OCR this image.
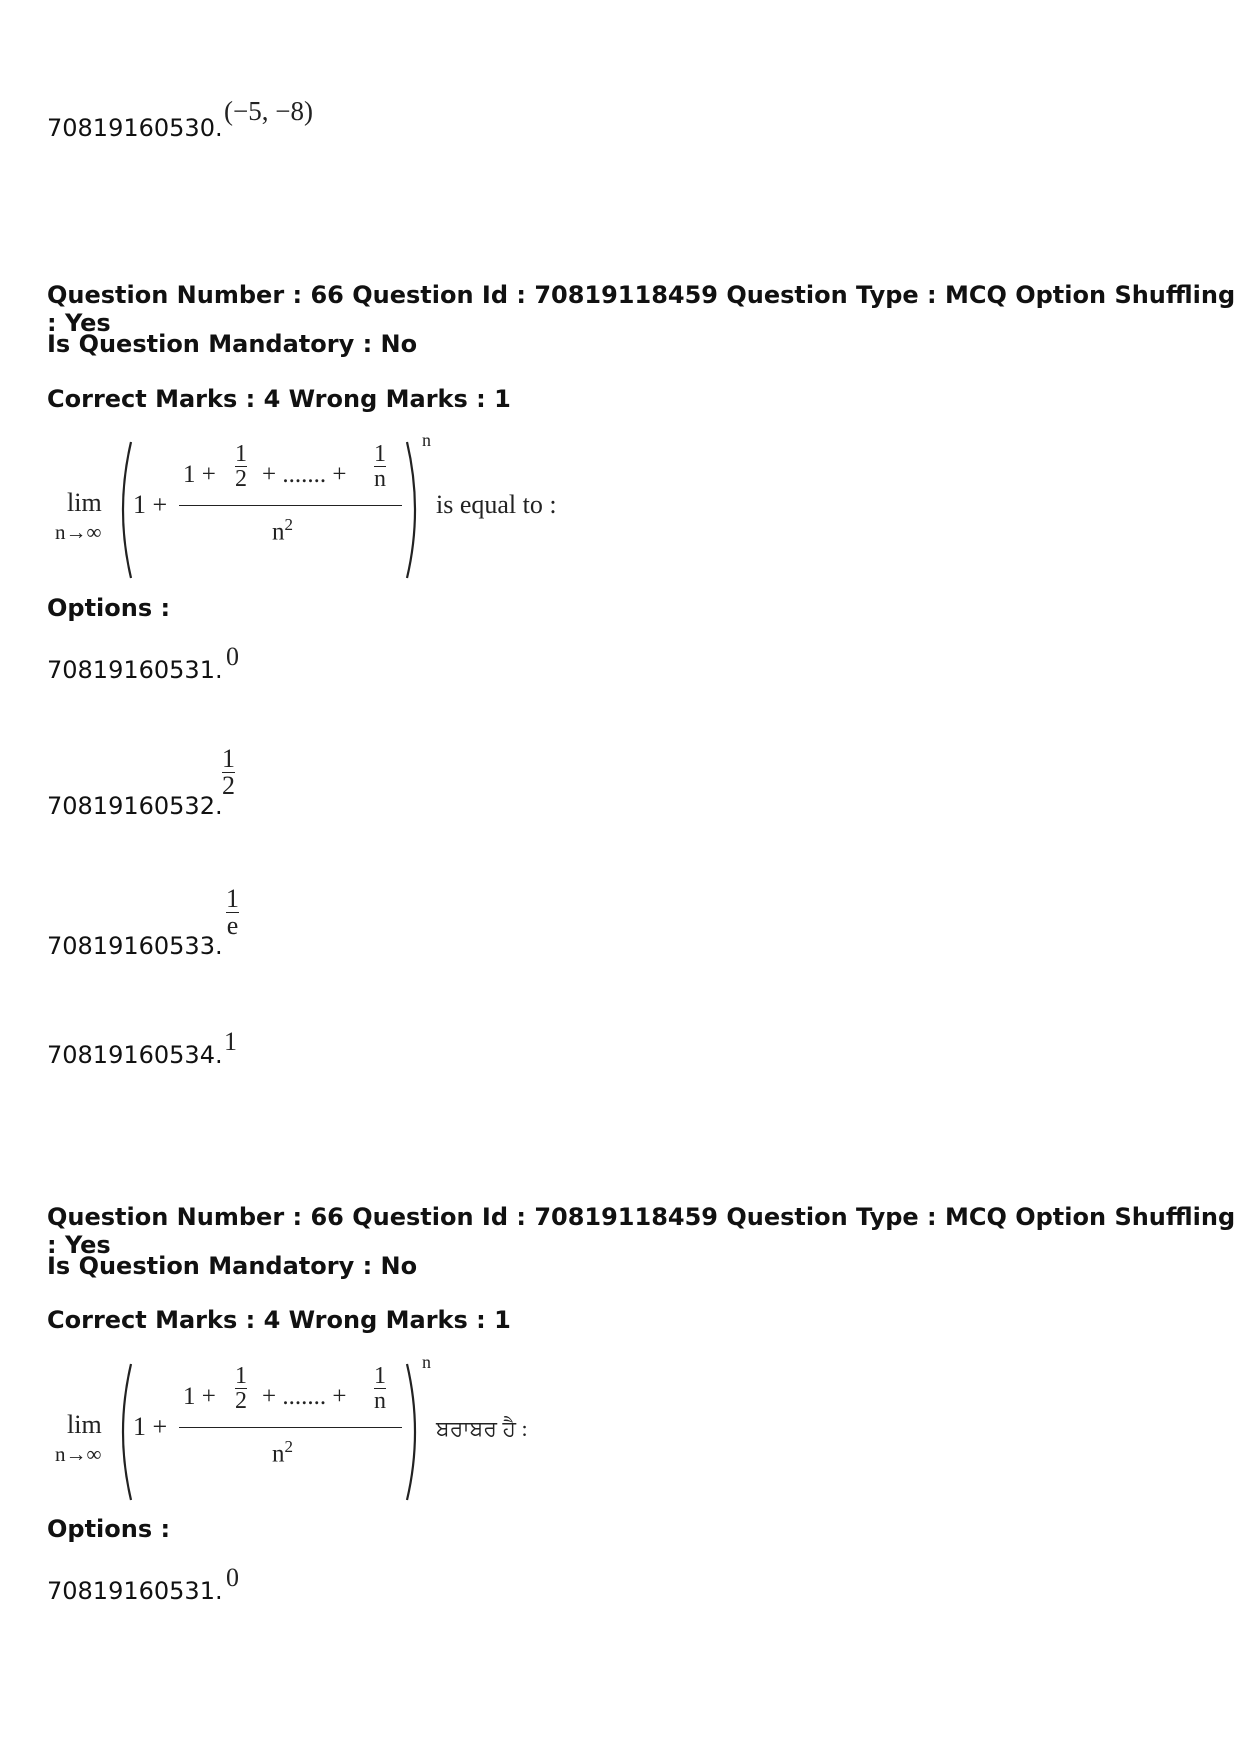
70819160530.
(−5, −8)
Question Number : 66 Question Id : 70819118459 Question Type : MCQ Option Shuffling : Yes
Is Question Mandatory : No
Correct Marks : 4 Wrong Marks : 1
lim
n→∞
1 +
1 +
1
2 + ....... +
1
n
$n^2$
n
is equal to :
Options :
70819160531. 0
70819160532.
1
2
70819160533.
1
e
70819160534. 1
Question Number : 66 Question Id : 70819118459 Question Type : MCQ Option Shuffling : Yes
Is Question Mandatory : No
Correct Marks : 4 Wrong Marks : 1
lim
n→∞
1 +
1 +
1
2 + ....... +
1
n
$n^2$
n
ਬਰਾਬਰ ਹੈ :
Options :
70819160531. 0
